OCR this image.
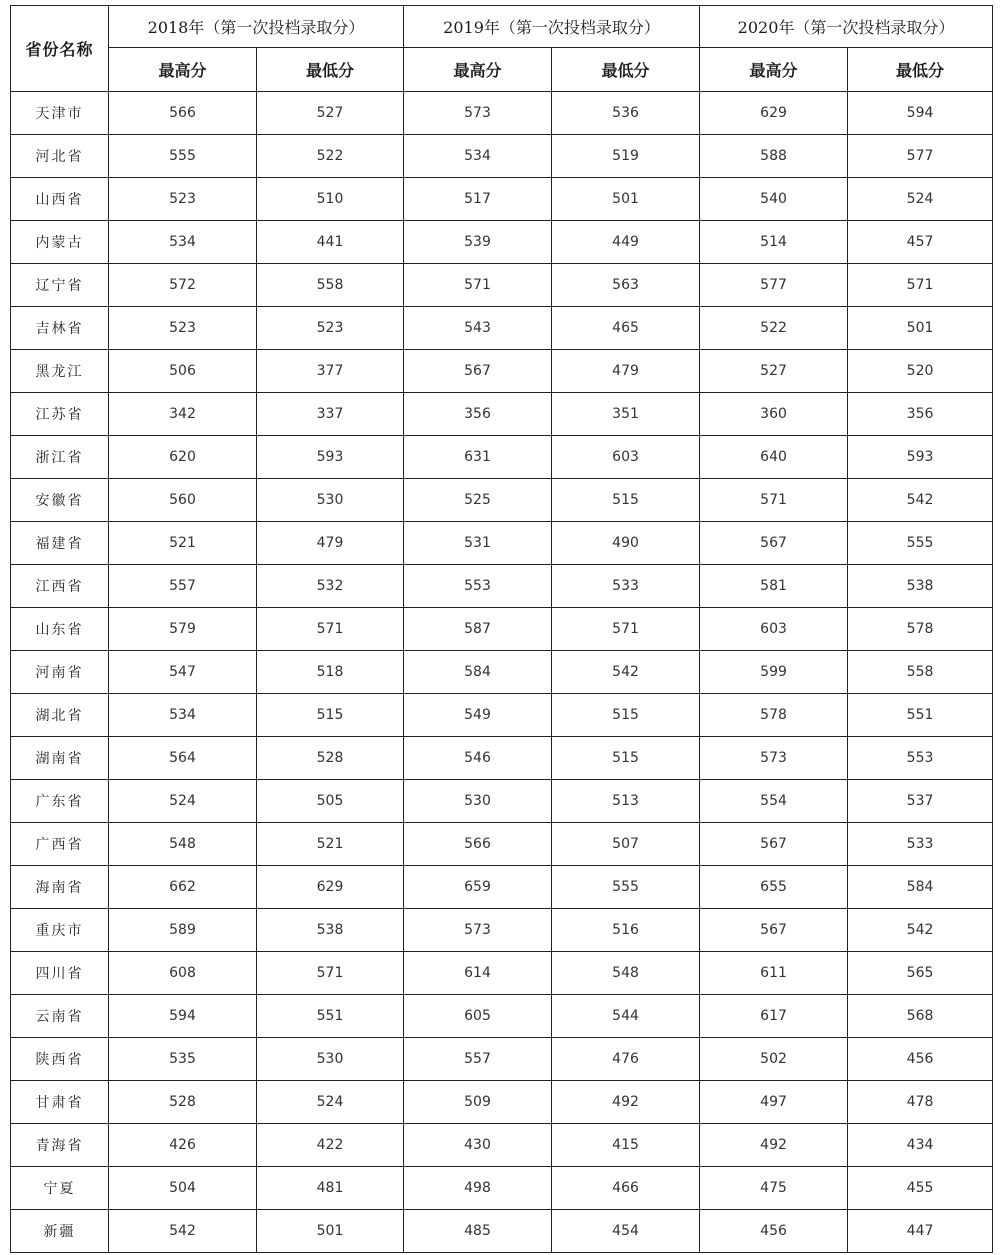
省份名称	2018年（第一次投档录取分）		2019年（第一次投档录取分）		2020年（第一次投档录取分）	
	最高分	最低分	最高分	最低分	最高分	最低分
天津市	566	527	573	536	629	594
河北省	555	522	534	519	588	577
山西省	523	510	517	501	540	524
内蒙古	534	441	539	449	514	457
辽宁省	572	558	571	563	577	571
吉林省	523	523	543	465	522	501
黑龙江	506	377	567	479	527	520
江苏省	342	337	356	351	360	356
浙江省	620	593	631	603	640	593
安徽省	560	530	525	515	571	542
福建省	521	479	531	490	567	555
江西省	557	532	553	533	581	538
山东省	579	571	587	571	603	578
河南省	547	518	584	542	599	558
湖北省	534	515	549	515	578	551
湖南省	564	528	546	515	573	553
广东省	524	505	530	513	554	537
广西省	548	521	566	507	567	533
海南省	662	629	659	555	655	584
重庆市	589	538	573	516	567	542
四川省	608	571	614	548	611	565
云南省	594	551	605	544	617	568
陕西省	535	530	557	476	502	456
甘肃省	528	524	509	492	497	478
青海省	426	422	430	415	492	434
宁夏	504	481	498	466	475	455
新疆	542	501	485	454	456	447
